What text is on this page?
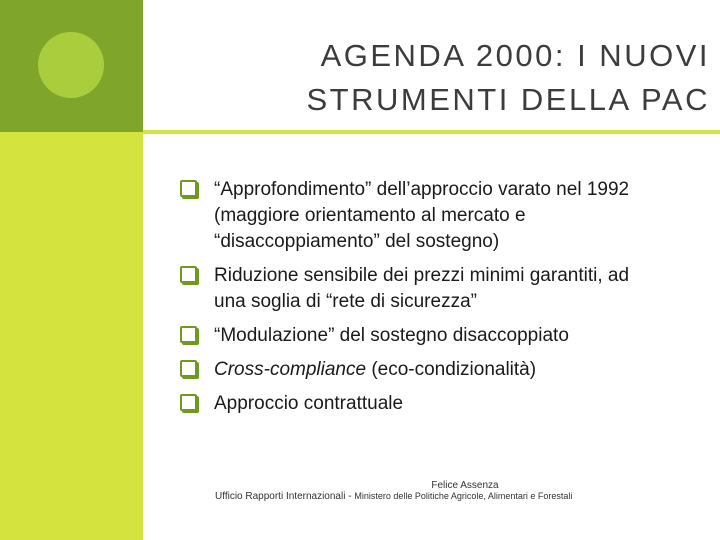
AGENDA 2000: I NUOVI
STRUMENTI DELLA PAC
“Approfondimento” dell’approccio varato nel 1992
(maggiore orientamento al mercato e
“disaccoppiamento” del sostegno)
Riduzione sensibile dei prezzi minimi garantiti, ad
una soglia di “rete di sicurezza”
“Modulazione” del sostegno disaccoppiato
Cross-compliance (eco-condizionalità)
Approccio contrattuale
Felice Assenza
Ufficio Rapporti Internazionali - Ministero delle Politiche Agricole, Alimentari e Forestali
